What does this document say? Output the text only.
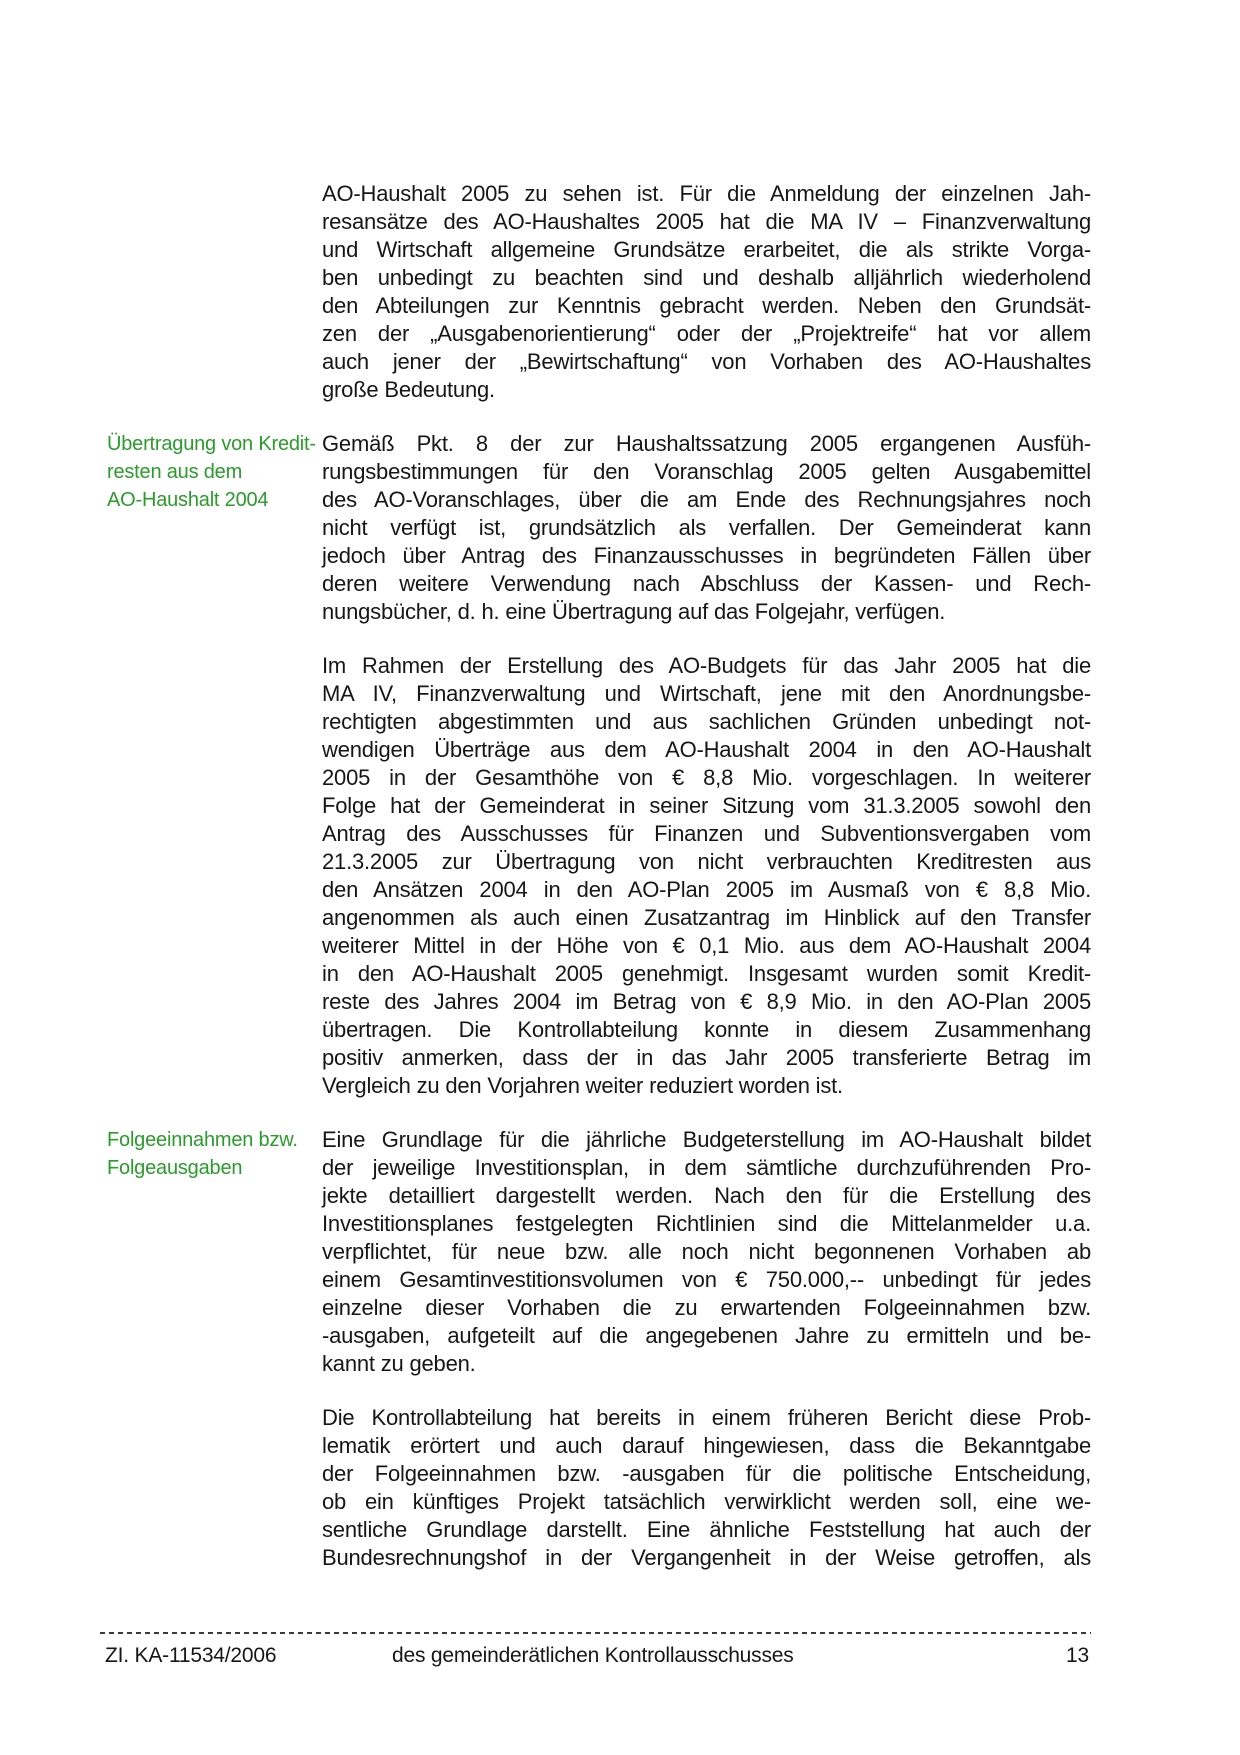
AO-Haushalt 2005 zu sehen ist. Für die Anmeldung der einzelnen Jah-
resansätze des AO-Haushaltes 2005 hat die MA IV – Finanzverwaltung
und Wirtschaft allgemeine Grundsätze erarbeitet, die als strikte Vorga-
ben unbedingt zu beachten sind und deshalb alljährlich wiederholend
den Abteilungen zur Kenntnis gebracht werden. Neben den Grundsät-
zen der „Ausgabenorientierung“ oder der „Projektreife“ hat vor allem
auch jener der „Bewirtschaftung“ von Vorhaben des AO-Haushaltes
große Bedeutung.
Übertragung von Kredit-
resten aus dem
AO-Haushalt 2004
Gemäß Pkt. 8 der zur Haushaltssatzung 2005 ergangenen Ausfüh-
rungsbestimmungen für den Voranschlag 2005 gelten Ausgabemittel
des AO-Voranschlages, über die am Ende des Rechnungsjahres noch
nicht verfügt ist, grundsätzlich als verfallen. Der Gemeinderat kann
jedoch über Antrag des Finanzausschusses in begründeten Fällen über
deren weitere Verwendung nach Abschluss der Kassen- und Rech-
nungsbücher, d. h. eine Übertragung auf das Folgejahr, verfügen.
Im Rahmen der Erstellung des AO-Budgets für das Jahr 2005 hat die
MA IV, Finanzverwaltung und Wirtschaft, jene mit den Anordnungsbe-
rechtigten abgestimmten und aus sachlichen Gründen unbedingt not-
wendigen Überträge aus dem AO-Haushalt 2004 in den AO-Haushalt
2005 in der Gesamthöhe von € 8,8 Mio. vorgeschlagen. In weiterer
Folge hat der Gemeinderat in seiner Sitzung vom 31.3.2005 sowohl den
Antrag des Ausschusses für Finanzen und Subventionsvergaben vom
21.3.2005 zur Übertragung von nicht verbrauchten Kreditresten aus
den Ansätzen 2004 in den AO-Plan 2005 im Ausmaß von € 8,8 Mio.
angenommen als auch einen Zusatzantrag im Hinblick auf den Transfer
weiterer Mittel in der Höhe von € 0,1 Mio. aus dem AO-Haushalt 2004
in den AO-Haushalt 2005 genehmigt. Insgesamt wurden somit Kredit-
reste des Jahres 2004 im Betrag von € 8,9 Mio. in den AO-Plan 2005
übertragen. Die Kontrollabteilung konnte in diesem Zusammenhang
positiv anmerken, dass der in das Jahr 2005 transferierte Betrag im
Vergleich zu den Vorjahren weiter reduziert worden ist.
Folgeeinnahmen bzw.
Folgeausgaben
Eine Grundlage für die jährliche Budgeterstellung im AO-Haushalt bildet
der jeweilige Investitionsplan, in dem sämtliche durchzuführenden Pro-
jekte detailliert dargestellt werden. Nach den für die Erstellung des
Investitionsplanes festgelegten Richtlinien sind die Mittelanmelder u.a.
verpflichtet, für neue bzw. alle noch nicht begonnenen Vorhaben ab
einem Gesamtinvestitionsvolumen von € 750.000,-- unbedingt für jedes
einzelne dieser Vorhaben die zu erwartenden Folgeeinnahmen bzw.
-ausgaben, aufgeteilt auf die angegebenen Jahre zu ermitteln und be-
kannt zu geben.
Die Kontrollabteilung hat bereits in einem früheren Bericht diese Prob-
lematik erörtert und auch darauf hingewiesen, dass die Bekanntgabe
der Folgeeinnahmen bzw. -ausgaben für die politische Entscheidung,
ob ein künftiges Projekt tatsächlich verwirklicht werden soll, eine we-
sentliche Grundlage darstellt. Eine ähnliche Feststellung hat auch der
Bundesrechnungshof in der Vergangenheit in der Weise getroffen, als
ZI. KA-11534/2006	des gemeinderätlichen Kontrollausschusses	13
